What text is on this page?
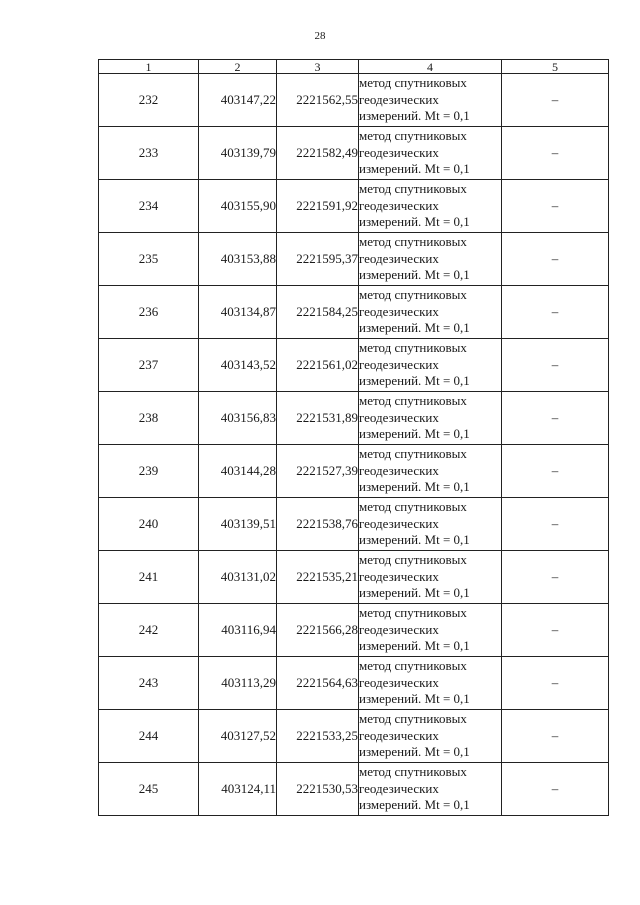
28
1	2	3	4	5
232	403147,22	2221562,55	метод спутниковых
геодезических
измерений. Mt = 0,1	–
233	403139,79	2221582,49	метод спутниковых
геодезических
измерений. Mt = 0,1	–
234	403155,90	2221591,92	метод спутниковых
геодезических
измерений. Mt = 0,1	–
235	403153,88	2221595,37	метод спутниковых
геодезических
измерений. Mt = 0,1	–
236	403134,87	2221584,25	метод спутниковых
геодезических
измерений. Mt = 0,1	–
237	403143,52	2221561,02	метод спутниковых
геодезических
измерений. Mt = 0,1	–
238	403156,83	2221531,89	метод спутниковых
геодезических
измерений. Mt = 0,1	–
239	403144,28	2221527,39	метод спутниковых
геодезических
измерений. Mt = 0,1	–
240	403139,51	2221538,76	метод спутниковых
геодезических
измерений. Mt = 0,1	–
241	403131,02	2221535,21	метод спутниковых
геодезических
измерений. Mt = 0,1	–
242	403116,94	2221566,28	метод спутниковых
геодезических
измерений. Mt = 0,1	–
243	403113,29	2221564,63	метод спутниковых
геодезических
измерений. Mt = 0,1	–
244	403127,52	2221533,25	метод спутниковых
геодезических
измерений. Mt = 0,1	–
245	403124,11	2221530,53	метод спутниковых
геодезических
измерений. Mt = 0,1	–
